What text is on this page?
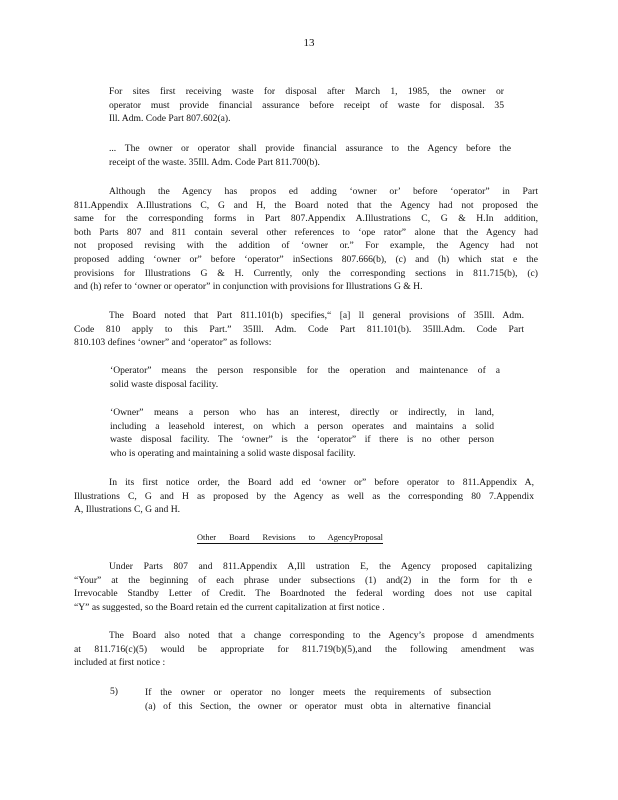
13
For sites first receiving waste for disposal after March 1, 1985, the owner or
operator must provide financial assurance before receipt of waste for disposal. 35
Ill. Adm. Code Part 807.602(a).
... The owner or operator shall provide financial assurance to the Agency before the
receipt of the waste. 35Ill. Adm. Code Part 811.700(b).
Although the Agency has propos ed adding ‘owner or’ before ‘operator” in Part
811.Appendix A.Illustrations C, G and H, the Board noted that the Agency had not proposed the
same for the corresponding forms in Part 807.Appendix A.Illustrations C, G & H.In addition,
both Parts 807 and 811 contain several other references to ‘ope rator” alone that the Agency had
not proposed revising with the addition of ‘owner or.” For example, the Agency had not
proposed adding ‘owner or” before ‘operator” inSections 807.666(b), (c) and (h) which stat e the
provisions for Illustrations G & H. Currently, only the corresponding sections in 811.715(b), (c)
and (h) refer to ‘owner or operator” in conjunction with provisions for Illustrations G & H.
The Board noted that Part 811.101(b) specifies,“ [a] ll general provisions of 35Ill. Adm.
Code 810 apply to this Part.” 35Ill. Adm. Code Part 811.101(b). 35Ill.Adm. Code Part
810.103 defines ‘owner” and ‘operator” as follows:
‘Operator” means the person responsible for the operation and maintenance of a
solid waste disposal facility.
‘Owner” means a person who has an interest, directly or indirectly, in land,
including a leasehold interest, on which a person operates and maintains a solid
waste disposal facility. The ‘owner” is the ‘operator” if there is no other person
who is operating and maintaining a solid waste disposal facility.
In its first notice order, the Board add ed ‘owner or” before operator to 811.Appendix A,
Illustrations C, G and H as proposed by the Agency as well as the corresponding 80 7.Appendix
A, Illustrations C, G and H.
Other Board Revisions to AgencyProposal
Under Parts 807 and 811.Appendix A,Ill ustration E, the Agency proposed capitalizing
“Your” at the beginning of each phrase under subsections (1) and(2) in the form for th e
Irrevocable Standby Letter of Credit. The Boardnoted the federal wording does not use capital
“Y” as suggested, so the Board retain ed the current capitalization at first notice .
The Board also noted that a change corresponding to the Agency’s propose d amendments
at 811.716(c)(5) would be appropriate for 811.719(b)(5),and the following amendment was
included at first notice :
5)	If the owner or operator no longer meets the requirements of subsection
(a) of this Section, the owner or operator must obta in alternative financial
